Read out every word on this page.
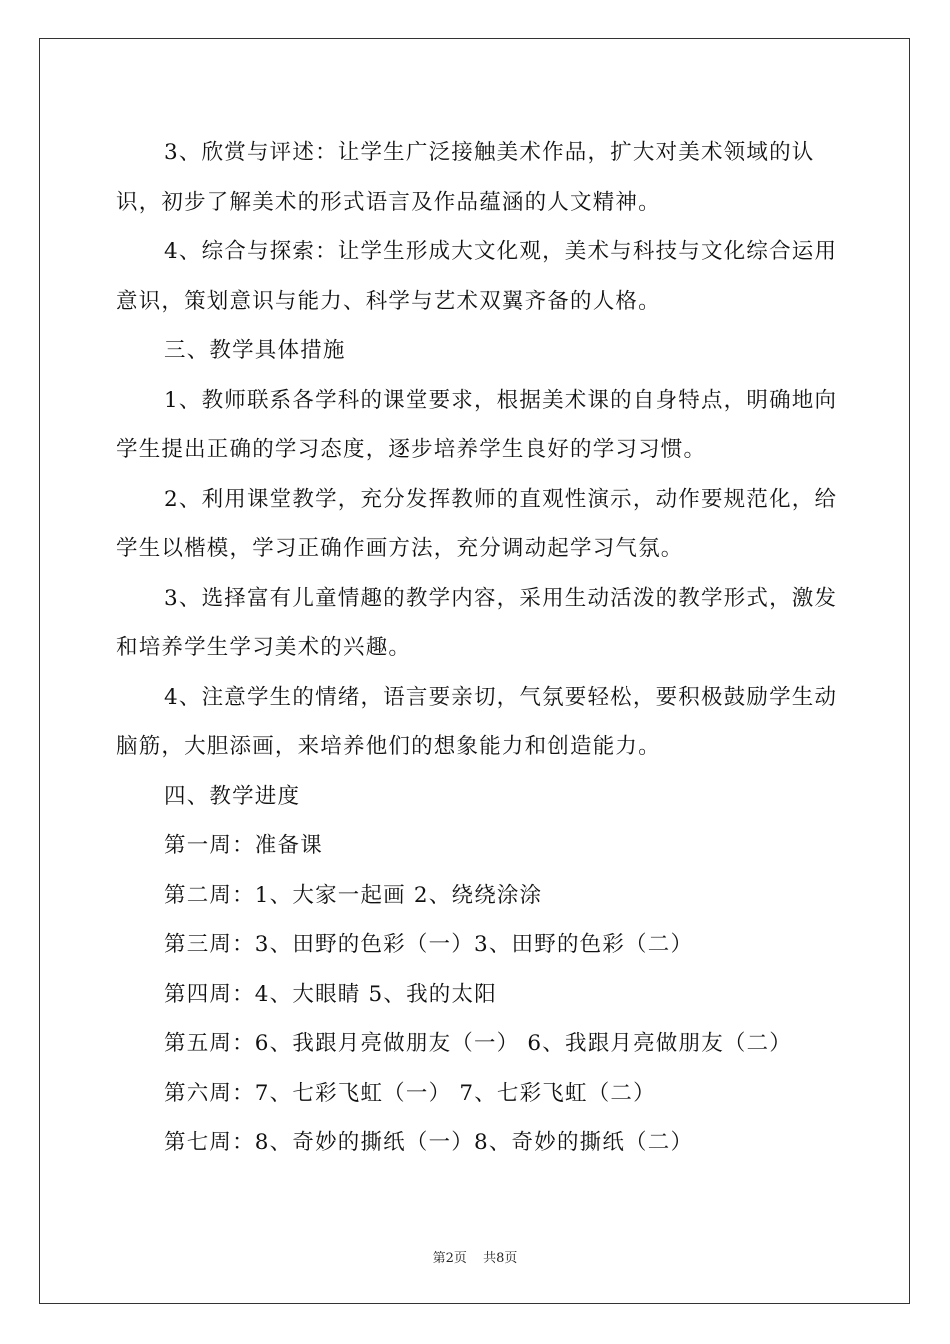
3、欣赏与评述：让学生广泛接触美术作品，扩大对美术领域的认识，初步了解美术的形式语言及作品蕴涵的人文精神。

4、综合与探索：让学生形成大文化观，美术与科技与文化综合运用意识，策划意识与能力、科学与艺术双翼齐备的人格。

三、教学具体措施

1、教师联系各学科的课堂要求，根据美术课的自身特点，明确地向学生提出正确的学习态度，逐步培养学生良好的学习习惯。

2、利用课堂教学，充分发挥教师的直观性演示，动作要规范化，给学生以楷模，学习正确作画方法，充分调动起学习气氛。

3、选择富有儿童情趣的教学内容，采用生动活泼的教学形式，激发和培养学生学习美术的兴趣。

4、注意学生的情绪，语言要亲切，气氛要轻松，要积极鼓励学生动脑筋，大胆添画，来培养他们的想象能力和创造能力。

四、教学进度

第一周：准备课

第二周：1、大家一起画 2、绕绕涂涂

第三周：3、田野的色彩（一）3、田野的色彩（二）

第四周：4、大眼睛 5、我的太阳

第五周：6、我跟月亮做朋友（一） 6、我跟月亮做朋友（二）

第六周：7、七彩飞虹（一） 7、七彩飞虹（二）

第七周：8、奇妙的撕纸（一）8、奇妙的撕纸（二）

第2页 共8页
